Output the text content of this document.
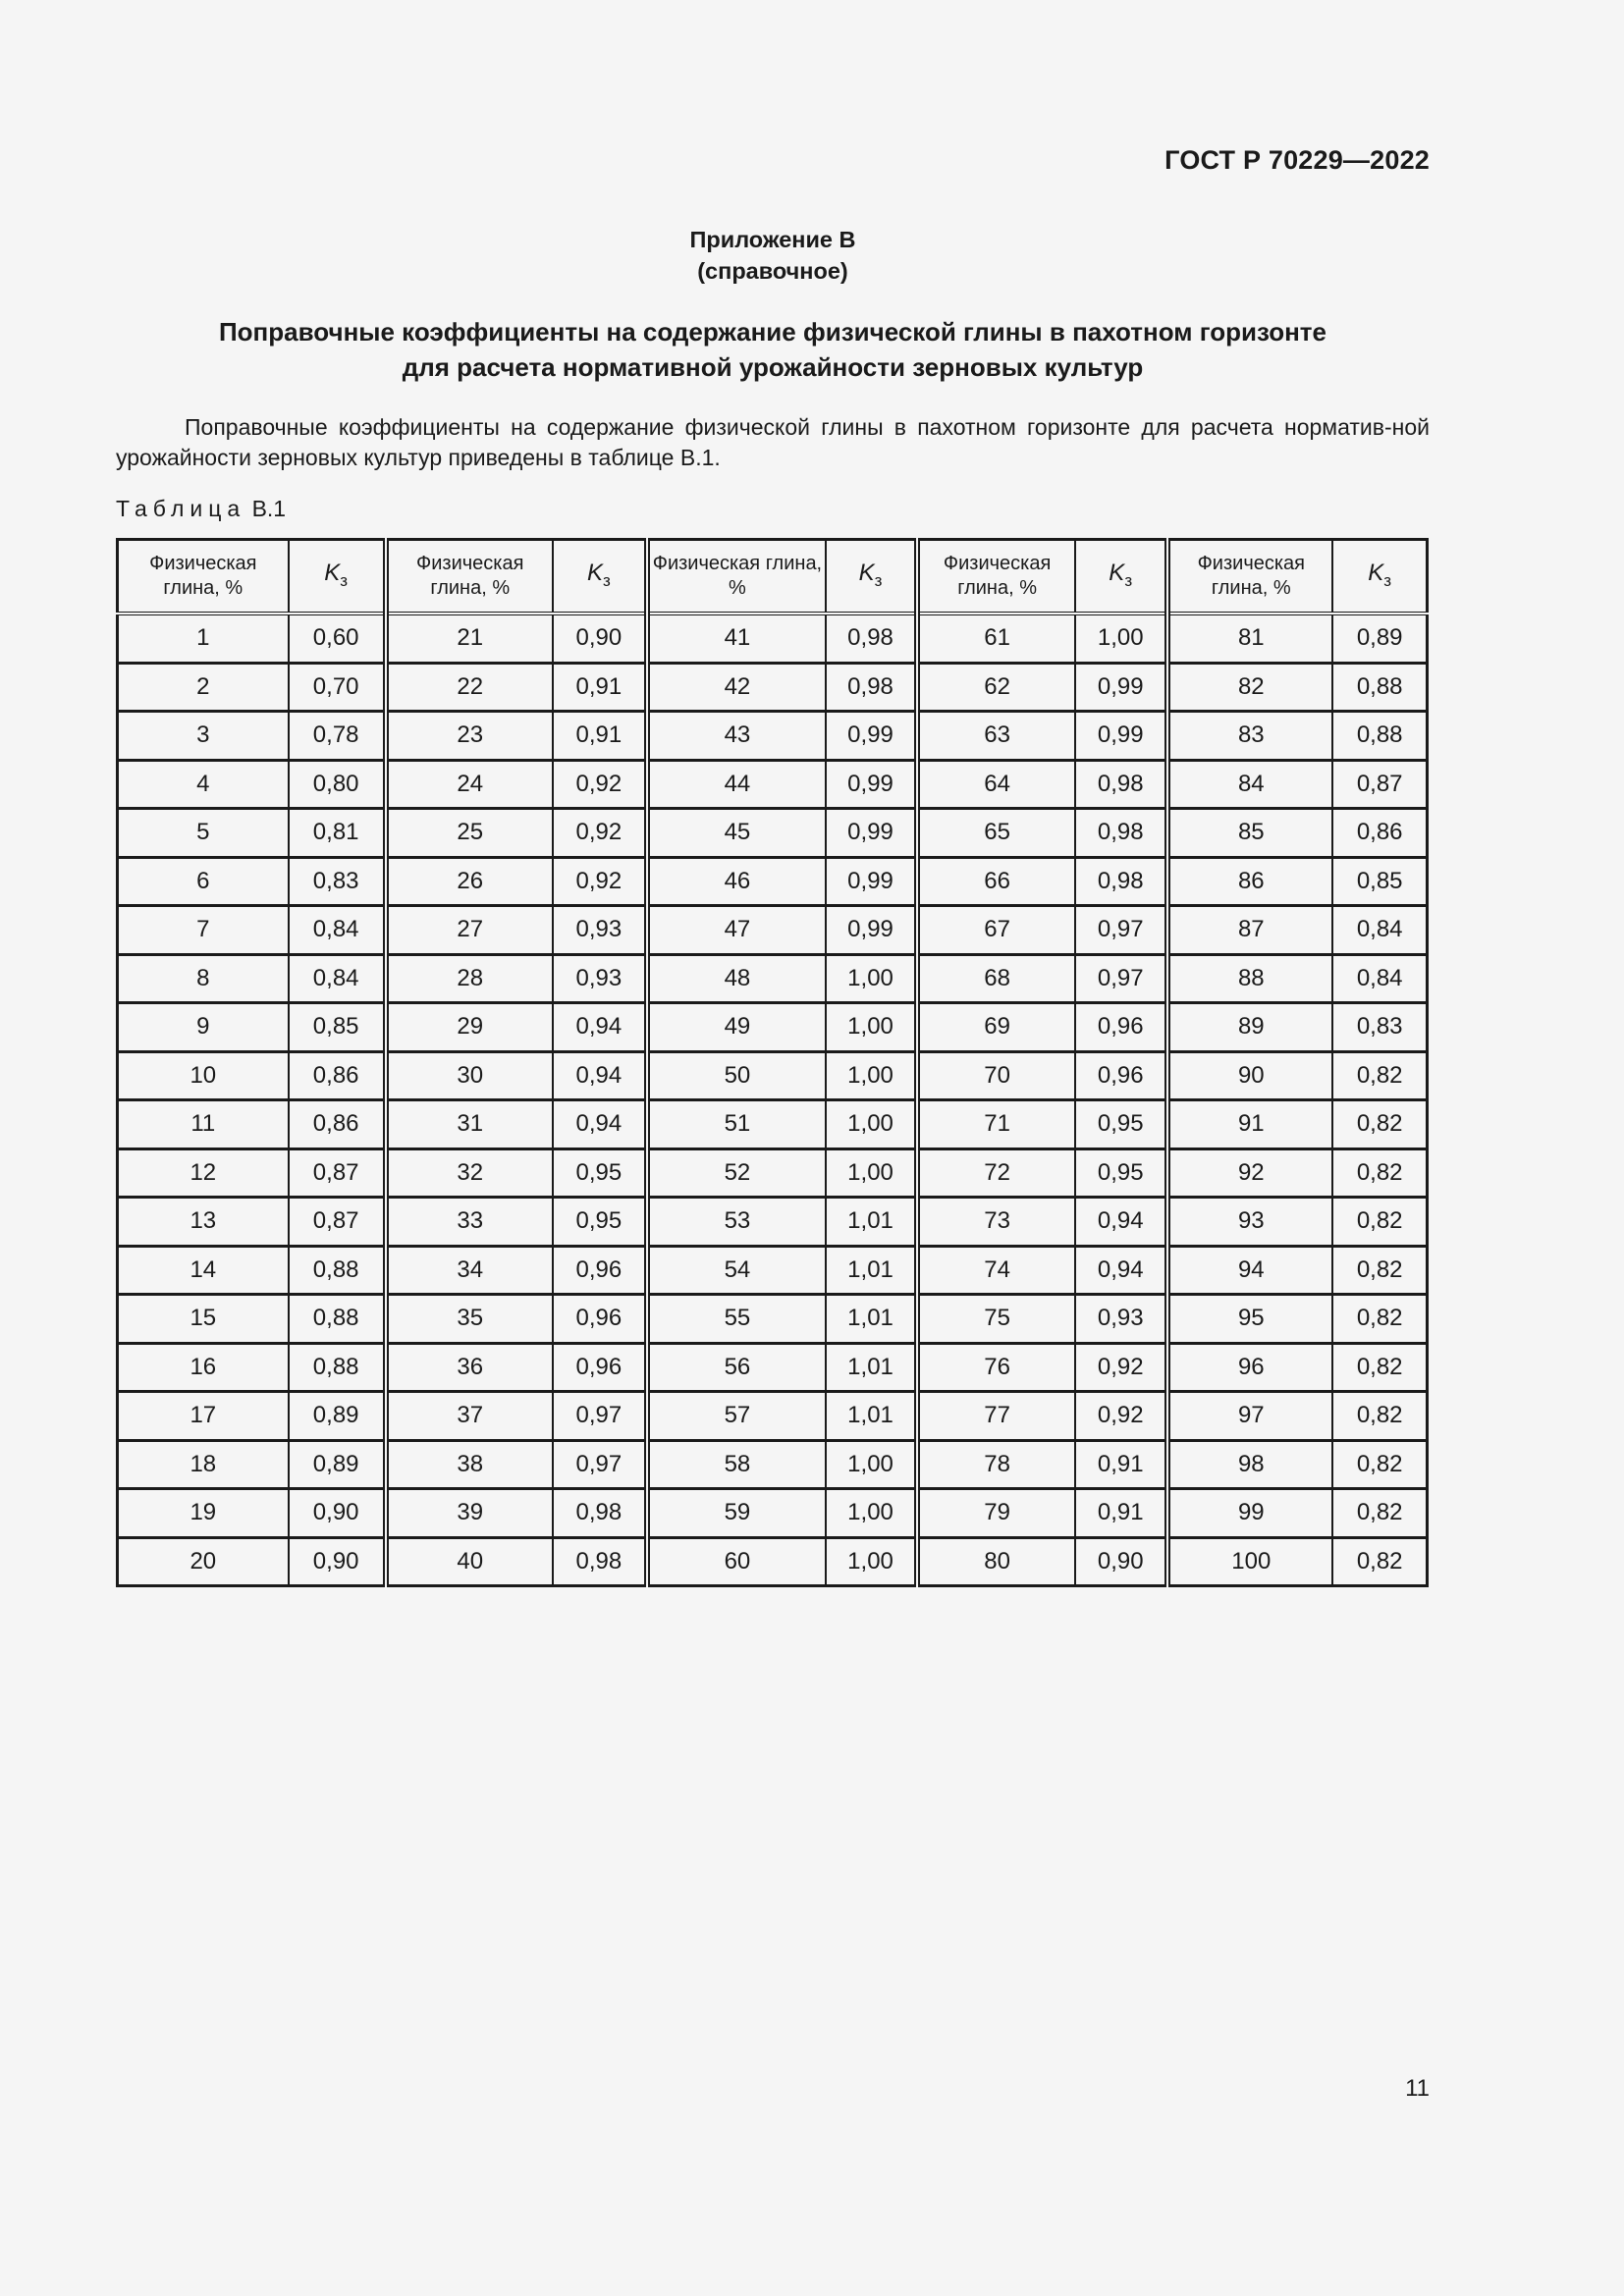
ГОСТ Р 70229—2022
Приложение В
(справочное)
Поправочные коэффициенты на содержание физической глины в пахотном горизонте
для расчета нормативной урожайности зерновых культур

Поправочные коэффициенты на содержание физической глины в пахотном горизонте для расчета норматив-ной урожайности зерновых культур приведены в таблице В.1.

Таблица В.1
Физическая глина, %	$K_з$	Физическая глина, %	$K_з$	Физическая глина, %	$K_з$	Физическая глина, %	$K_з$	Физическая глина, %	$K_з$
1	0,60	21	0,90	41	0,98	61	1,00	81	0,89
2	0,70	22	0,91	42	0,98	62	0,99	82	0,88
3	0,78	23	0,91	43	0,99	63	0,99	83	0,88
4	0,80	24	0,92	44	0,99	64	0,98	84	0,87
5	0,81	25	0,92	45	0,99	65	0,98	85	0,86
6	0,83	26	0,92	46	0,99	66	0,98	86	0,85
7	0,84	27	0,93	47	0,99	67	0,97	87	0,84
8	0,84	28	0,93	48	1,00	68	0,97	88	0,84
9	0,85	29	0,94	49	1,00	69	0,96	89	0,83
10	0,86	30	0,94	50	1,00	70	0,96	90	0,82
11	0,86	31	0,94	51	1,00	71	0,95	91	0,82
12	0,87	32	0,95	52	1,00	72	0,95	92	0,82
13	0,87	33	0,95	53	1,01	73	0,94	93	0,82
14	0,88	34	0,96	54	1,01	74	0,94	94	0,82
15	0,88	35	0,96	55	1,01	75	0,93	95	0,82
16	0,88	36	0,96	56	1,01	76	0,92	96	0,82
17	0,89	37	0,97	57	1,01	77	0,92	97	0,82
18	0,89	38	0,97	58	1,00	78	0,91	98	0,82
19	0,90	39	0,98	59	1,00	79	0,91	99	0,82
20	0,90	40	0,98	60	1,00	80	0,90	100	0,82
11
